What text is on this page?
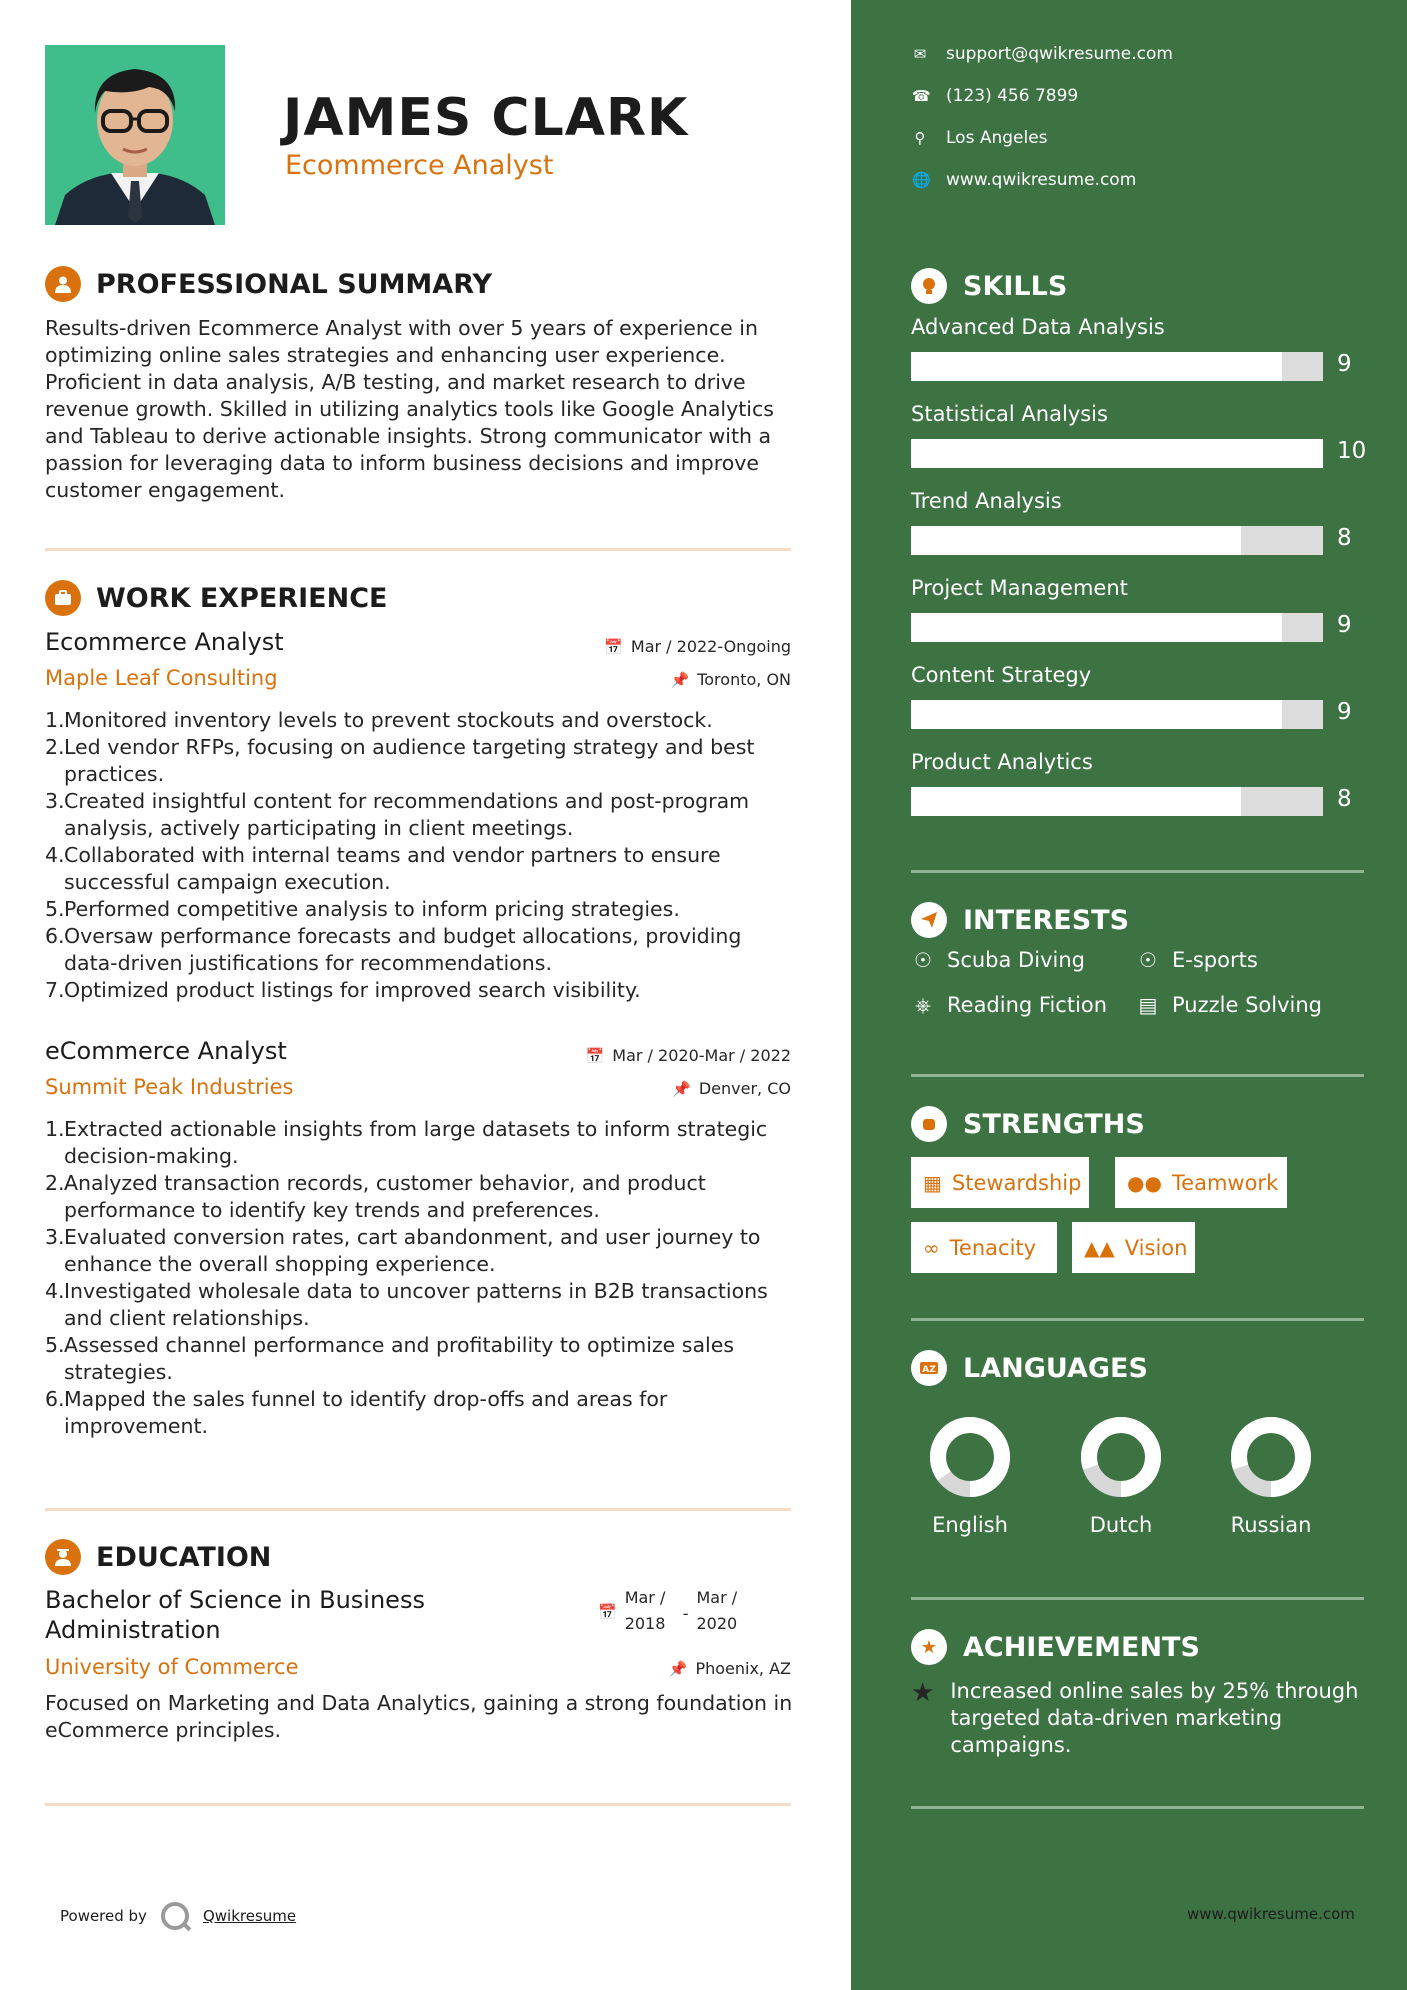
JAMES CLARK
Ecommerce Analyst
PROFESSIONAL SUMMARY
Results-driven Ecommerce Analyst with over 5 years of experience in optimizing online sales strategies and enhancing user experience. Proficient in data analysis, A/B testing, and market research to drive revenue growth. Skilled in utilizing analytics tools like Google Analytics and Tableau to derive actionable insights. Strong communicator with a passion for leveraging data to inform business decisions and improve customer engagement.
WORK EXPERIENCE
Ecommerce Analyst	📅 Mar / 2022-Ongoing
Maple Leaf Consulting	📌 Toronto, ON
Monitored inventory levels to prevent stockouts and overstock.
Led vendor RFPs, focusing on audience targeting strategy and best practices.
Created insightful content for recommendations and post-program analysis, actively participating in client meetings.
Collaborated with internal teams and vendor partners to ensure successful campaign execution.
Performed competitive analysis to inform pricing strategies.
Oversaw performance forecasts and budget allocations, providing data-driven justifications for recommendations.
Optimized product listings for improved search visibility.
eCommerce Analyst	📅 Mar / 2020-Mar / 2022
Summit Peak Industries	📌 Denver, CO
Extracted actionable insights from large datasets to inform strategic decision-making.
Analyzed transaction records, customer behavior, and product performance to identify key trends and preferences.
Evaluated conversion rates, cart abandonment, and user journey to enhance the overall shopping experience.
Investigated wholesale data to uncover patterns in B2B transactions and client relationships.
Assessed channel performance and profitability to optimize sales strategies.
Mapped the sales funnel to identify drop-offs and areas for improvement.
EDUCATION
Bachelor of Science in Business Administration
📅
Mar /
2018
-
Mar /
2020
University of Commerce	📌 Phoenix, AZ
Focused on Marketing and Data Analytics, gaining a strong foundation in eCommerce principles.
Powered by	Qwikresume
✉ support@qwikresume.com
☎ (123) 456 7899
⚲ Los Angeles
🌐 www.qwikresume.com
SKILLS
Advanced Data Analysis
9
Statistical Analysis
10
Trend Analysis
8
Project Management
9
Content Strategy
9
Product Analytics
8
INTERESTS
☉ Scuba Diving	☉ E-sports
⎈ Reading Fiction ▤ Puzzle Solving
STRENGTHS
▦ Stewardship ●● Teamwork
∞ Tenacity ▲▲ Vision
AZ LANGUAGES
English	Dutch	Russian
★ ACHIEVEMENTS
★ Increased online sales by 25% through targeted data-driven marketing campaigns.
www.qwikresume.com
